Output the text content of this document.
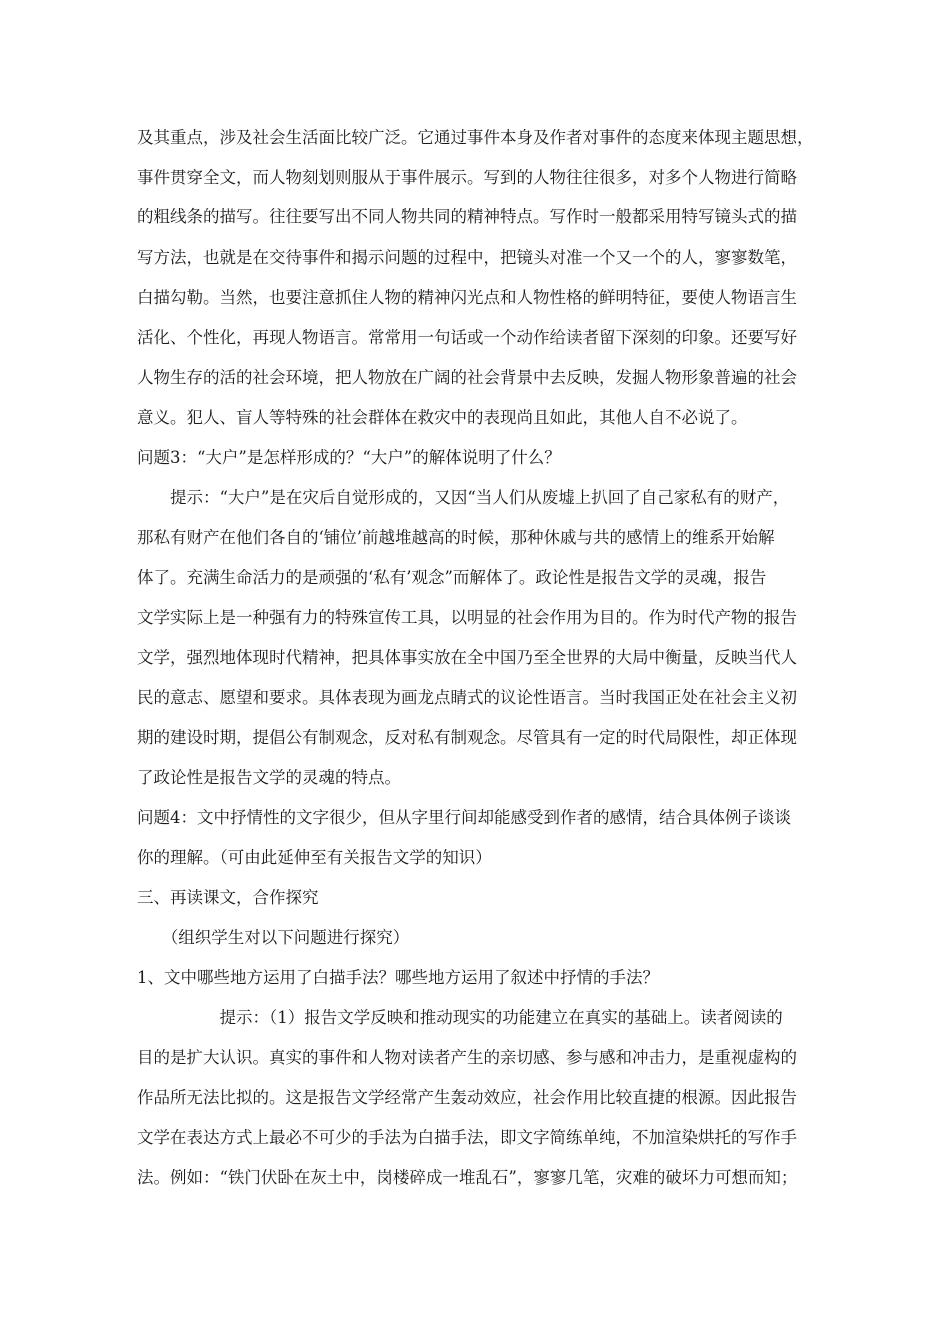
及其重点，涉及社会生活面比较广泛。它通过事件本身及作者对事件的态度来体现主题思想，
事件贯穿全文，而人物刻划则服从于事件展示。写到的人物往往很多，对多个人物进行简略
的粗线条的描写。往往要写出不同人物共同的精神特点。写作时一般都采用特写镜头式的描
写方法，也就是在交待事件和揭示问题的过程中，把镜头对准一个又一个的人，寥寥数笔，
白描勾勒。当然，也要注意抓住人物的精神闪光点和人物性格的鲜明特征，要使人物语言生
活化、个性化，再现人物语言。常常用一句话或一个动作给读者留下深刻的印象。还要写好
人物生存的活的社会环境，把人物放在广阔的社会背景中去反映，发掘人物形象普遍的社会
意义。犯人、盲人等特殊的社会群体在救灾中的表现尚且如此，其他人自不必说了。
问题3：“大户”是怎样形成的？“大户”的解体说明了什么？
　　提示：“大户”是在灾后自觉形成的，又因“当人们从废墟上扒回了自己家私有的财产，
那私有财产在他们各自的‘铺位’前越堆越高的时候，那种休戚与共的感情上的维系开始解
体了。充满生命活力的是顽强的‘私有’观念”而解体了。政论性是报告文学的灵魂，报告
文学实际上是一种强有力的特殊宣传工具，以明显的社会作用为目的。作为时代产物的报告
文学，强烈地体现时代精神，把具体事实放在全中国乃至全世界的大局中衡量，反映当代人
民的意志、愿望和要求。具体表现为画龙点睛式的议论性语言。当时我国正处在社会主义初
期的建设时期，提倡公有制观念，反对私有制观念。尽管具有一定的时代局限性，却正体现
了政论性是报告文学的灵魂的特点。
问题4：文中抒情性的文字很少，但从字里行间却能感受到作者的感情，结合具体例子谈谈
你的理解。（可由此延伸至有关报告文学的知识）
三、再读课文，合作探究
　　（组织学生对以下问题进行探究）
1、文中哪些地方运用了白描手法？哪些地方运用了叙述中抒情的手法？
　　　　　提示：（1）报告文学反映和推动现实的功能建立在真实的基础上。读者阅读的
目的是扩大认识。真实的事件和人物对读者产生的亲切感、参与感和冲击力，是重视虚构的
作品所无法比拟的。这是报告文学经常产生轰动效应，社会作用比较直捷的根源。因此报告
文学在表达方式上最必不可少的手法为白描手法，即文字简练单纯，不加渲染烘托的写作手
法。例如：“铁门伏卧在灰土中，岗楼碎成一堆乱石”，寥寥几笔，灾难的破坏力可想而知；
